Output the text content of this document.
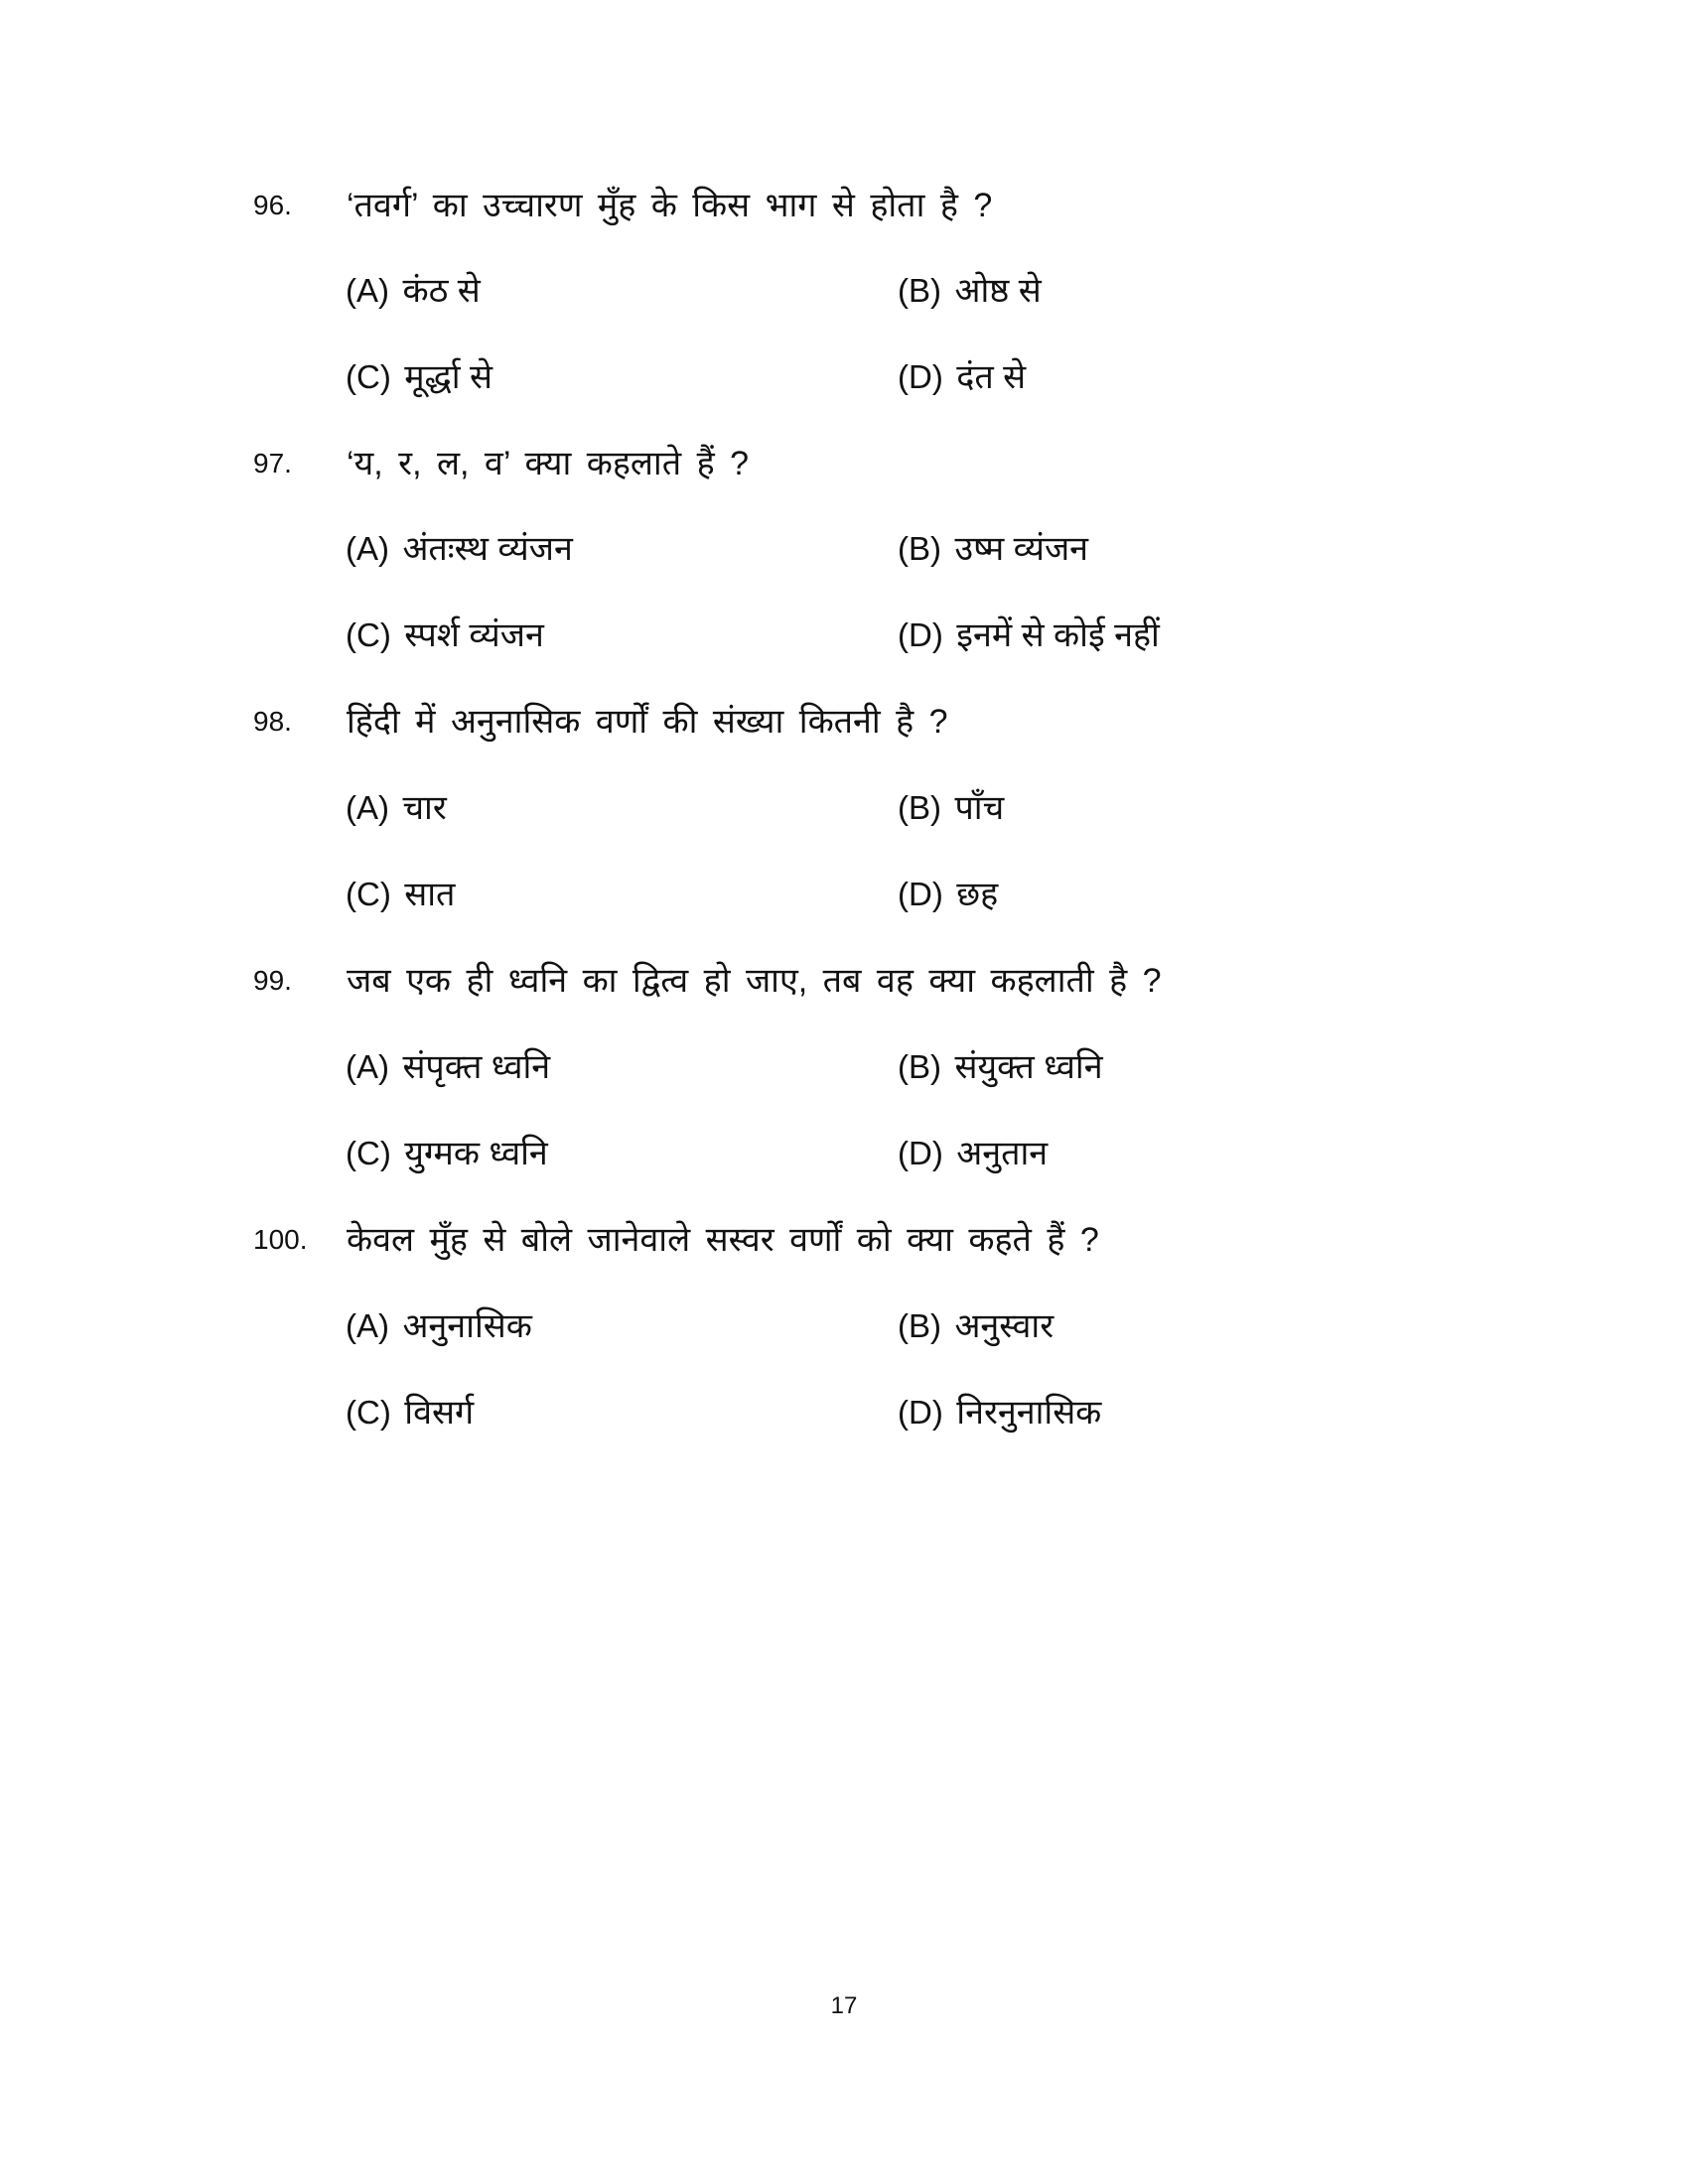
96. ‘तवर्ग’ का उच्चारण मुँह के किस भाग से होता है ?
(A) कंठ से	(B) ओष्ठ से
(C) मूर्द्धा से	(D) दंत से
97. ‘य, र, ल, व’ क्या कहलाते हैं ?
(A) अंतःस्थ व्यंजन	(B) उष्म व्यंजन
(C) स्पर्श व्यंजन	(D) इनमें से कोई नहीं
98. हिंदी में अनुनासिक वर्णों की संख्या कितनी है ?
(A) चार	(B) पाँच
(C) सात	(D) छह
99. जब एक ही ध्वनि का द्वित्व हो जाए, तब वह क्या कहलाती है ?
(A) संपृक्त ध्वनि	(B) संयुक्त ध्वनि
(C) युग्मक ध्वनि	(D) अनुतान
100. केवल मुँह से बोले जानेवाले सस्वर वर्णों को क्या कहते हैं ?
(A) अनुनासिक	(B) अनुस्वार
(C) विसर्ग	(D) निरनुनासिक
17
